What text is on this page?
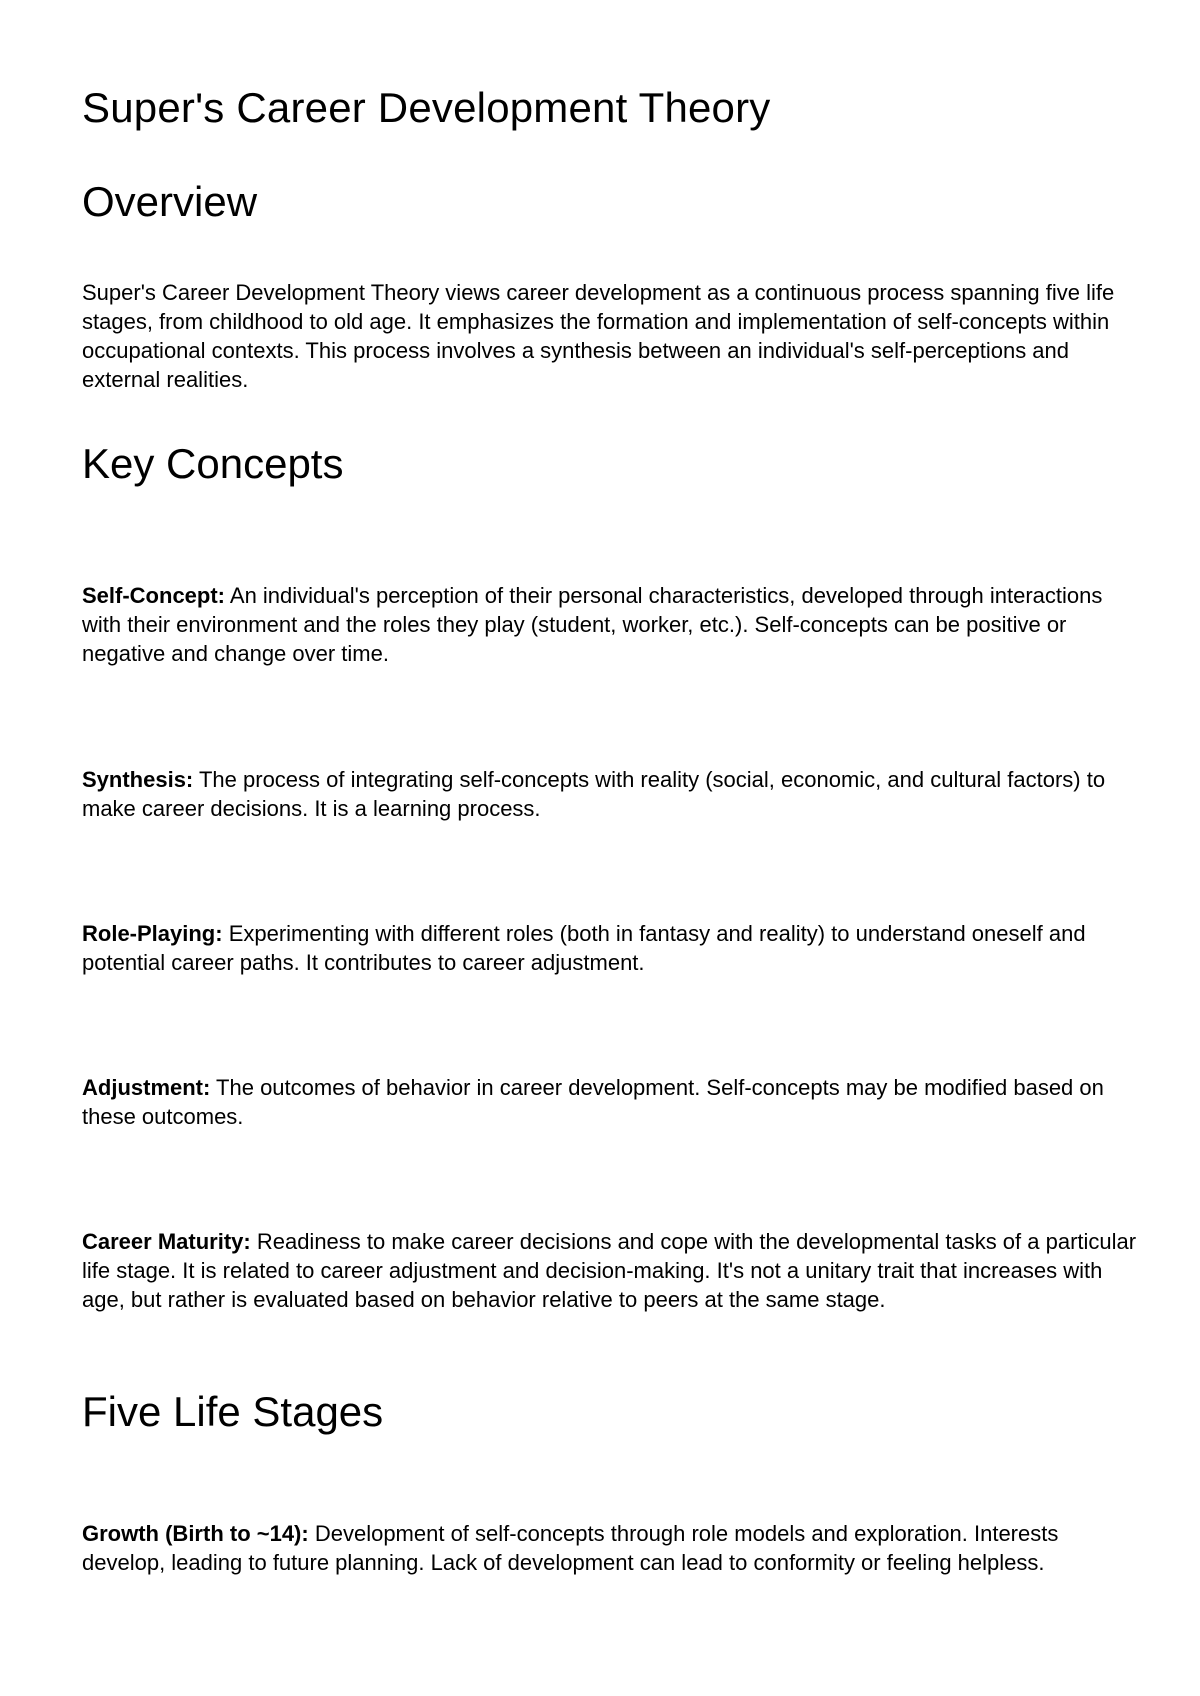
Super's Career Development Theory
Overview

Super's Career Development Theory views career development as a continuous process spanning five life stages, from childhood to old age. It emphasizes the formation and implementation of self-concepts within occupational contexts. This process involves a synthesis between an individual's self-perceptions and external realities.

Key Concepts

Self-Concept: An individual's perception of their personal characteristics, developed through interactions with their environment and the roles they play (student, worker, etc.). Self-concepts can be positive or negative and change over time.

Synthesis: The process of integrating self-concepts with reality (social, economic, and cultural factors) to make career decisions. It is a learning process.

Role-Playing: Experimenting with different roles (both in fantasy and reality) to understand oneself and potential career paths. It contributes to career adjustment.

Adjustment: The outcomes of behavior in career development. Self-concepts may be modified based on these outcomes.

Career Maturity: Readiness to make career decisions and cope with the developmental tasks of a particular life stage. It is related to career adjustment and decision-making. It's not a unitary trait that increases with age, but rather is evaluated based on behavior relative to peers at the same stage.

Five Life Stages

Growth (Birth to ~14): Development of self-concepts through role models and exploration. Interests develop, leading to future planning. Lack of development can lead to conformity or feeling helpless.
